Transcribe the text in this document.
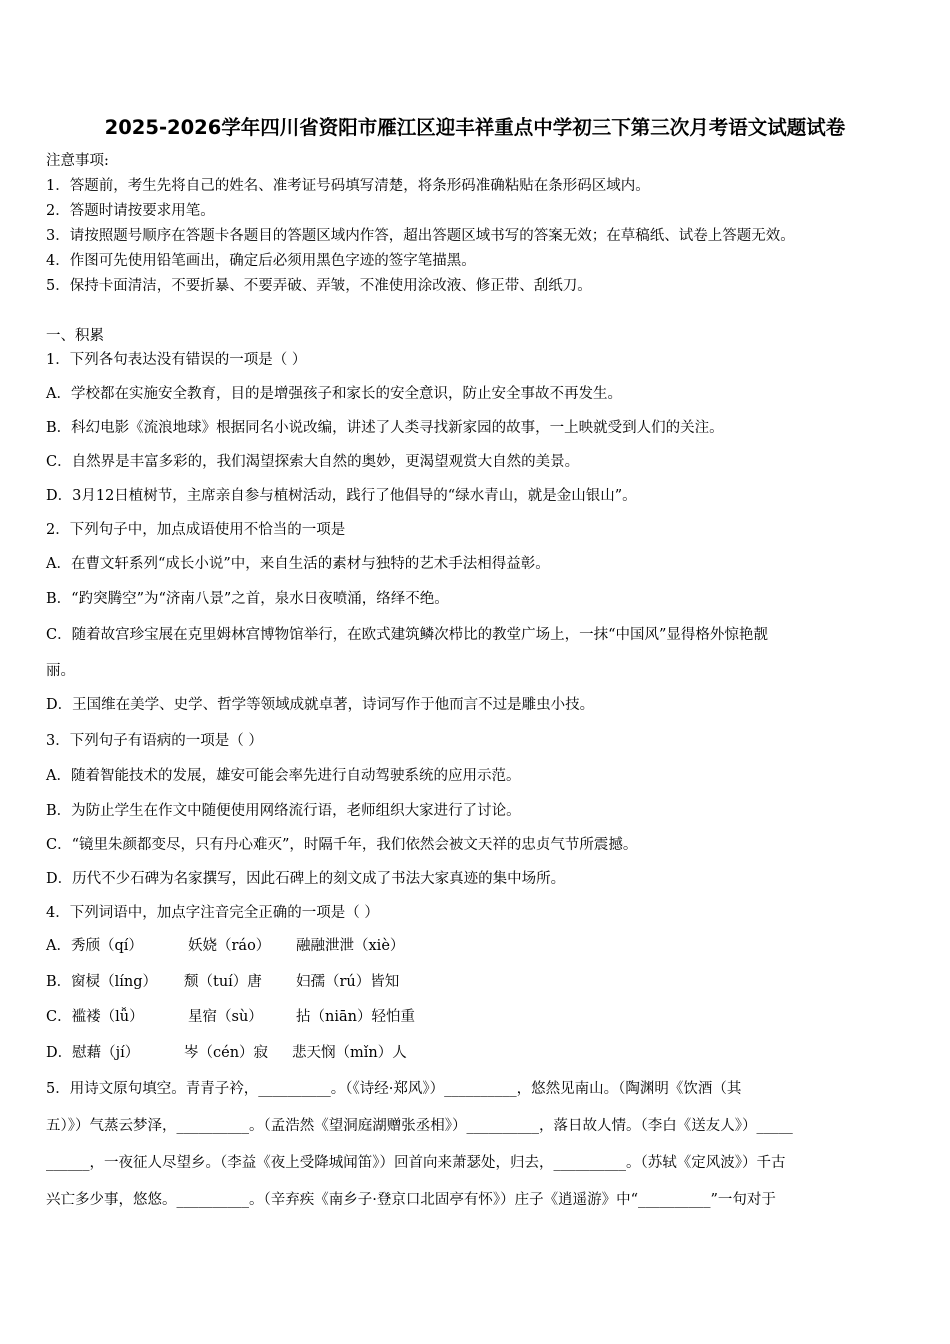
2025-2026学年四川省资阳市雁江区迎丰祥重点中学初三下第三次月考语文试题试卷
注意事项:
1．答题前，考生先将自己的姓名、准考证号码填写清楚，将条形码准确粘贴在条形码区域内。
2．答题时请按要求用笔。
3．请按照题号顺序在答题卡各题目的答题区域内作答，超出答题区域书写的答案无效；在草稿纸、试卷上答题无效。
4．作图可先使用铅笔画出，确定后必须用黑色字迹的签字笔描黑。
5．保持卡面清洁，不要折暴、不要弄破、弄皱，不准使用涂改液、修正带、刮纸刀。
一、积累
1．下列各句表达没有错误的一项是（ ）
A．学校都在实施安全教育，目的是增强孩子和家长的安全意识，防止安全事故不再发生。
B．科幻电影《流浪地球》根据同名小说改编，讲述了人类寻找新家园的故事，一上映就受到人们的关注。
C．自然界是丰富多彩的，我们渴望探索大自然的奥妙，更渴望观赏大自然的美景。
D．3月12日植树节，主席亲自参与植树活动，践行了他倡导的“绿水青山，就是金山银山”。
2．下列句子中，加点成语使用不恰当的一项是
A．在曹文轩系列“成长小说”中，来自生活的素材与独特的艺术手法相得益彰。
B．“趵突腾空”为“济南八景”之首，泉水日夜喷涌，络绎不绝。
C．随着故宫珍宝展在克里姆林宫博物馆举行，在欧式建筑鳞次栉比的教堂广场上，一抹“中国风”显得格外惊艳靓
丽。
D．王国维在美学、史学、哲学等领域成就卓著，诗词写作于他而言不过是雕虫小技。
3．下列句子有语病的一项是（ ）
A．随着智能技术的发展，雄安可能会率先进行自动驾驶系统的应用示范。
B．为防止学生在作文中随便使用网络流行语，老师组织大家进行了讨论。
C．“镜里朱颜都变尽，只有丹心难灭”，时隔千年，我们依然会被文天祥的忠贞气节所震撼。
D．历代不少石碑为名家撰写，因此石碑上的刻文成了书法大家真迹的集中场所。
4．下列词语中，加点字注音完全正确的一项是（ ）
A．秀颀（qí）	妖娆（ráo） 融融泄泄（xiè）
B．窗棂（líng） 颓（tuí）唐 妇孺（rú）皆知
C．褴褛（lǚ）	星宿（sù） 拈（niān）轻怕重
D．慰藉（jí）	岑（cén）寂 悲天悯（mǐn）人
5．用诗文原句填空。青青子衿，__________。（《诗经·郑风》）__________，悠然见南山。（陶渊明《饮酒（其
五）》）气蒸云梦泽，__________。（孟浩然《望洞庭湖赠张丞相》）__________，落日故人情。（李白《送友人》）_____
______，一夜征人尽望乡。（李益《夜上受降城闻笛》）回首向来萧瑟处，归去，__________。（苏轼《定风波》）千古
兴亡多少事，悠悠。__________。（辛弃疾《南乡子·登京口北固亭有怀》）庄子《逍遥游》中“__________”一句对于
